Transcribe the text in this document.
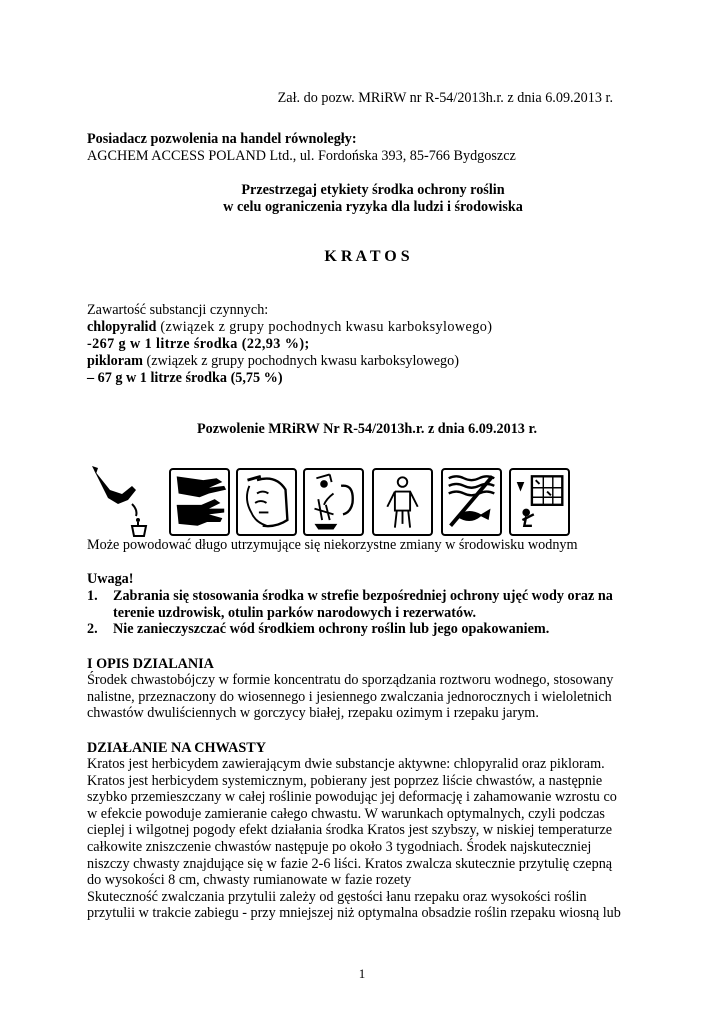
Zał. do pozw. MRiRW nr R-54/2013h.r. z dnia 6.09.2013 r.
Posiadacz pozwolenia na handel równoległy:
AGCHEM ACCESS POLAND Ltd., ul. Fordońska 393, 85-766 Bydgoszcz
Przestrzegaj etykiety środka ochrony roślin
w celu ograniczenia ryzyka dla ludzi i środowiska
K R A T O S
Zawartość substancji czynnych:
chlopyralid (związek z grupy pochodnych kwasu karboksylowego)
-267 g w 1 litrze środka (22,93 %);
pikloram (związek z grupy pochodnych kwasu karboksylowego)
– 67 g w 1 litrze środka (5,75 %)
Pozwolenie MRiRW Nr R-54/2013h.r. z dnia 6.09.2013 r.
Może powodować długo utrzymujące się niekorzystne zmiany w środowisku wodnym
Uwaga!
1. Zabrania się stosowania środka w strefie bezpośredniej ochrony ujęć wody oraz na
terenie uzdrowisk, otulin parków narodowych i rezerwatów.
2. Nie zanieczyszczać wód środkiem ochrony roślin lub jego opakowaniem.
I OPIS DZIALANIA
Środek chwastobójczy w formie koncentratu do sporządzania roztworu wodnego, stosowany
nalistne, przeznaczony do wiosennego i jesiennego zwalczania jednorocznych i wieloletnich
chwastów dwuliściennych w gorczycy białej, rzepaku ozimym i rzepaku jarym.
DZIAŁANIE NA CHWASTY
Kratos jest herbicydem zawierającym dwie substancje aktywne: chlopyralid oraz pikloram.
Kratos jest herbicydem systemicznym, pobierany jest poprzez liście chwastów, a następnie
szybko przemieszczany w całej roślinie powodując jej deformację i zahamowanie wzrostu co
w efekcie powoduje zamieranie całego chwastu. W warunkach optymalnych, czyli podczas
cieplej i wilgotnej pogody efekt działania środka Kratos jest szybszy, w niskiej temperaturze
całkowite zniszczenie chwastów następuje po około 3 tygodniach. Środek najskuteczniej
niszczy chwasty znajdujące się w fazie 2-6 liści. Kratos zwalcza skutecznie przytulię czepną
do wysokości 8 cm, chwasty rumianowate w fazie rozety
Skuteczność zwalczania przytulii zależy od gęstości łanu rzepaku oraz wysokości roślin
przytulii w trakcie zabiegu - przy mniejszej niż optymalna obsadzie roślin rzepaku wiosną lub
1
